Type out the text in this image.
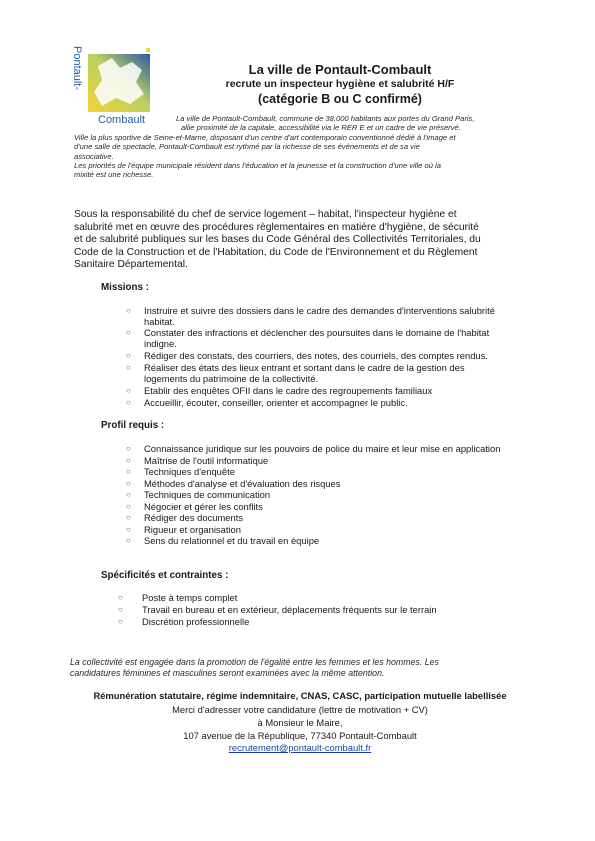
Pontault-
Combault
La ville de Pontault-Combault
recrute un inspecteur hygiène et salubrité H/F
(catégorie B ou C confirmé)
La ville de Pontault-Combault, commune de 38.000 habitants aux portes du Grand Paris,
allie proximité de la capitale, accessibilité via le RER E et un cadre de vie préservé.
Ville la plus sportive de Seine-et-Marne, disposant d'un centre d'art contemporain conventionné dédié à l'image et
d'une salle de spectacle, Pontault-Combault est rythmé par la richesse de ses événements et de sa vie
associative.
Les priorités de l'équipe municipale résident dans l'éducation et la jeunesse et la construction d'une ville où la
mixité est une richesse.
Sous la responsabilité du chef de service logement – habitat, l'inspecteur hygiène et
salubrité met en œuvre des procédures règlementaires en matière d'hygiène, de sécurité
et de salubrité publiques sur les bases du Code Général des Collectivités Territoriales, du
Code de la Construction et de l'Habitation, du Code de l'Environnement et du Règlement
Sanitaire Départemental.
Missions :
○ Instruire et suivre des dossiers dans le cadre des demandes d'interventions salubrité
habitat.
○ Constater des infractions et déclencher des poursuites dans le domaine de l'habitat
indigne.
○ Rédiger des constats, des courriers, des notes, des courriels, des comptes rendus.
○ Réaliser des états des lieux entrant et sortant dans le cadre de la gestion des
logements du patrimoine de la collectivité.
○ Etablir des enquêtes OFII dans le cadre des regroupements familiaux
○ Accueillir, écouter, conseiller, orienter et accompagner le public.
Profil requis :
○ Connaissance juridique sur les pouvoirs de police du maire et leur mise en application
○ Maîtrise de l'outil informatique
○ Techniques d'enquête
○ Méthodes d'analyse et d'évaluation des risques
○ Techniques de communication
○ Négocier et gérer les conflits
○ Rédiger des documents
○ Rigueur et organisation
○ Sens du relationnel et du travail en équipe
Spécificités et contraintes :
○ Poste à temps complet
○ Travail en bureau et en extérieur, déplacements fréquents sur le terrain
○ Discrétion professionnelle
La collectivité est engagée dans la promotion de l'égalité entre les femmes et les hommes. Les
candidatures féminines et masculines seront examinées avec la même attention.
Rémunération statutaire, régime indemnitaire, CNAS, CASC, participation mutuelle labellisée
Merci d'adresser votre candidature (lettre de motivation + CV)
à Monsieur le Maire,
107 avenue de la République, 77340 Pontault-Combault
recrutement@pontault-combault.fr
